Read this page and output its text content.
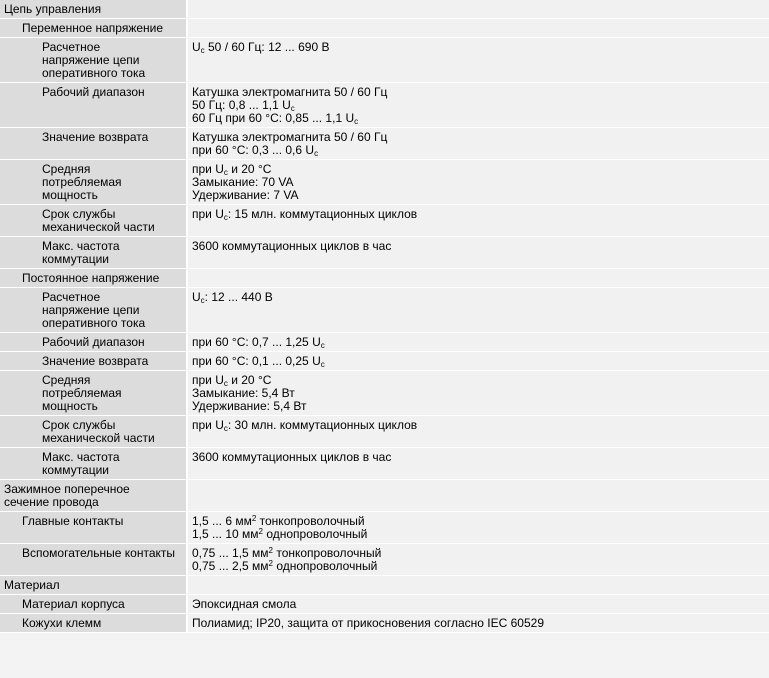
Цепь управления	

Переменное напряжение	

Расчетное напряжение цепи оперативного тока	$U_c$ 50 / 60 Гц: 12 ... 690 В

Рабочий диапазон	Катушка электромагнита 50 / 60 Гц
50 Гц: 0,8 ... 1,1 $U_c$
60 Гц при 60 °C: 0,85 ... 1,1 $U_c$

Значение возврата	Катушка электромагнита 50 / 60 Гц
при 60 °C: 0,3 ... 0,6 $U_c$

Средняя потребляемая мощность	при $U_c$ и 20 °C
Замыкание: 70 VA
Удерживание: 7 VA

Срок службы механической части	при $U_c$: 15 млн. коммутационных циклов

Макс. частота коммутации	3600 коммутационных циклов в час

Постоянное напряжение	

Расчетное напряжение цепи оперативного тока	$U_c$: 12 ... 440 В

Рабочий диапазон	при 60 °C: 0,7 ... 1,25 $U_c$

Значение возврата	при 60 °C: 0,1 ... 0,25 $U_c$

Средняя потребляемая мощность	при $U_c$ и 20 °C
Замыкание: 5,4 Вт
Удерживание: 5,4 Вт

Срок службы механической части	при $U_c$: 30 млн. коммутационных циклов

Макс. частота коммутации	3600 коммутационных циклов в час

Зажимное поперечное сечение провода	

Главные контакты	1,5 ... 6 $мм^2$ тонкопроволочный
1,5 ... 10 $мм^2$ однопроволочный

Вспомогательные контакты	0,75 ... 1,5 $мм^2$ тонкопроволочный
0,75 ... 2,5 $мм^2$ однопроволочный

Материал	

Материал корпуса	Эпоксидная смола

Кожухи клемм	Полиамид; IP20, защита от прикосновения согласно IEC 60529
